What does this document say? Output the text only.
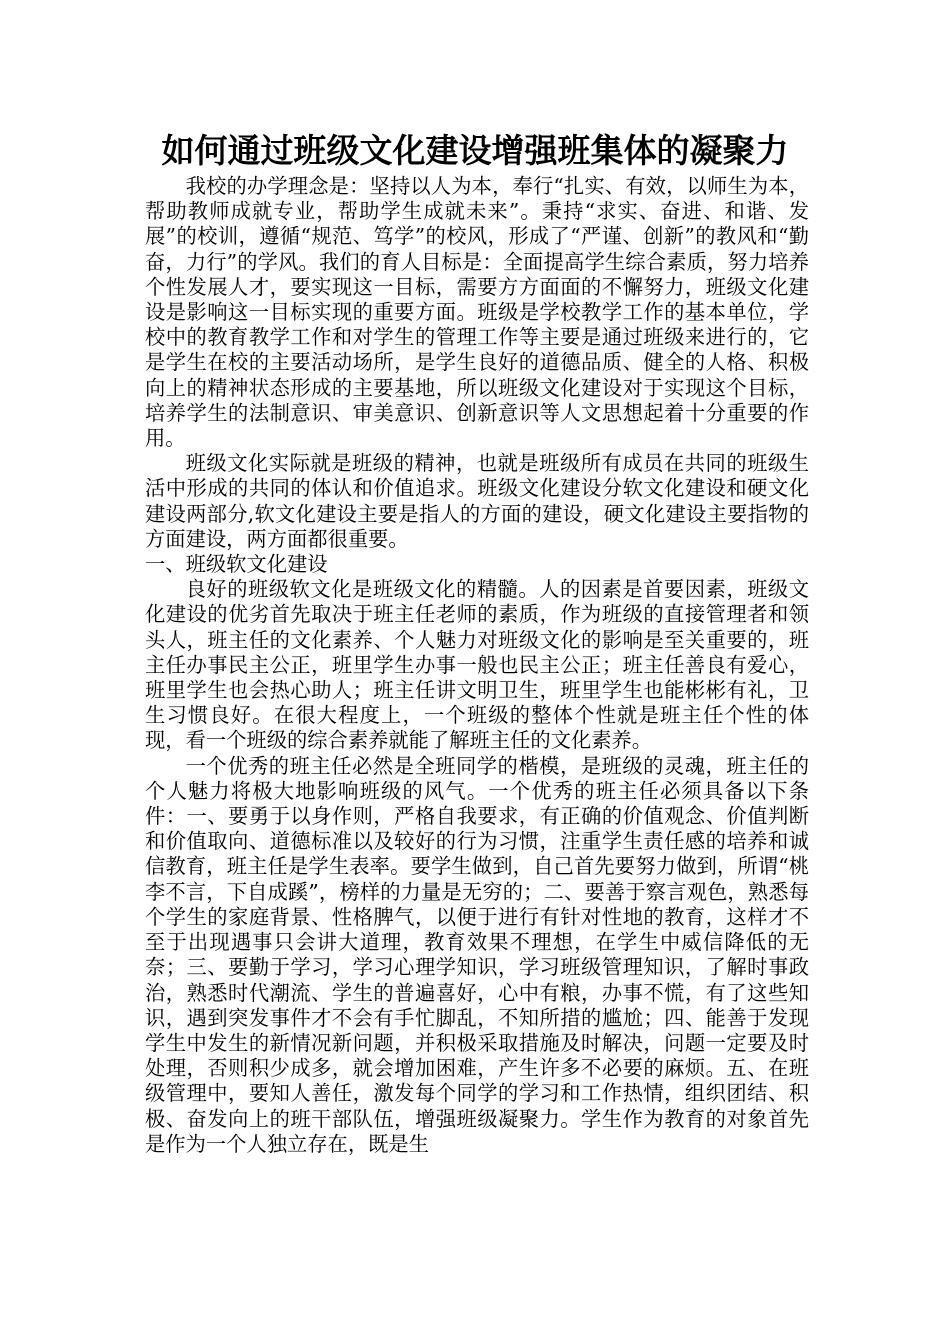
如何通过班级文化建设增强班集体的凝聚力

我校的办学理念是：坚持以人为本，奉行“扎实、有效，以师生为本，帮助教师成就专业，帮助学生成就未来”。秉持“求实、奋进、和谐、发展”的校训，遵循“规范、笃学”的校风，形成了“严谨、创新”的教风和“勤奋，力行”的学风。我们的育人目标是：全面提高学生综合素质，努力培养个性发展人才，要实现这一目标，需要方方面面的不懈努力，班级文化建设是影响这一目标实现的重要方面。班级是学校教学工作的基本单位，学校中的教育教学工作和对学生的管理工作等主要是通过班级来进行的，它是学生在校的主要活动场所，是学生良好的道德品质、健全的人格、积极向上的精神状态形成的主要基地，所以班级文化建设对于实现这个目标，培养学生的法制意识、审美意识、创新意识等人文思想起着十分重要的作用。

班级文化实际就是班级的精神，也就是班级所有成员在共同的班级生活中形成的共同的体认和价值追求。班级文化建设分软文化建设和硬文化建设两部分,软文化建设主要是指人的方面的建设，硬文化建设主要指物的方面建设，两方面都很重要。

一、班级软文化建设

良好的班级软文化是班级文化的精髓。人的因素是首要因素，班级文化建设的优劣首先取决于班主任老师的素质，作为班级的直接管理者和领头人，班主任的文化素养、个人魅力对班级文化的影响是至关重要的，班主任办事民主公正，班里学生办事一般也民主公正；班主任善良有爱心，班里学生也会热心助人；班主任讲文明卫生，班里学生也能彬彬有礼，卫生习惯良好。在很大程度上，一个班级的整体个性就是班主任个性的体现，看一个班级的综合素养就能了解班主任的文化素养。

一个优秀的班主任必然是全班同学的楷模，是班级的灵魂，班主任的个人魅力将极大地影响班级的风气。一个优秀的班主任必须具备以下条件：一、要勇于以身作则，严格自我要求，有正确的价值观念、价值判断和价值取向、道德标准以及较好的行为习惯，注重学生责任感的培养和诚信教育，班主任是学生表率。要学生做到，自己首先要努力做到，所谓“桃李不言，下自成蹊”，榜样的力量是无穷的；二、要善于察言观色，熟悉每个学生的家庭背景、性格脾气，以便于进行有针对性地的教育，这样才不至于出现遇事只会讲大道理，教育效果不理想，在学生中威信降低的无奈；三、要勤于学习，学习心理学知识，学习班级管理知识，了解时事政治，熟悉时代潮流、学生的普遍喜好，心中有粮，办事不慌，有了这些知识，遇到突发事件才不会有手忙脚乱，不知所措的尴尬；四、能善于发现学生中发生的新情况新问题，并积极采取措施及时解决，问题一定要及时处理，否则积少成多，就会增加困难，产生许多不必要的麻烦。五、在班级管理中，要知人善任，激发每个同学的学习和工作热情，组织团结、积极、奋发向上的班干部队伍，增强班级凝聚力。学生作为教育的对象首先是作为一个人独立存在，既是生
